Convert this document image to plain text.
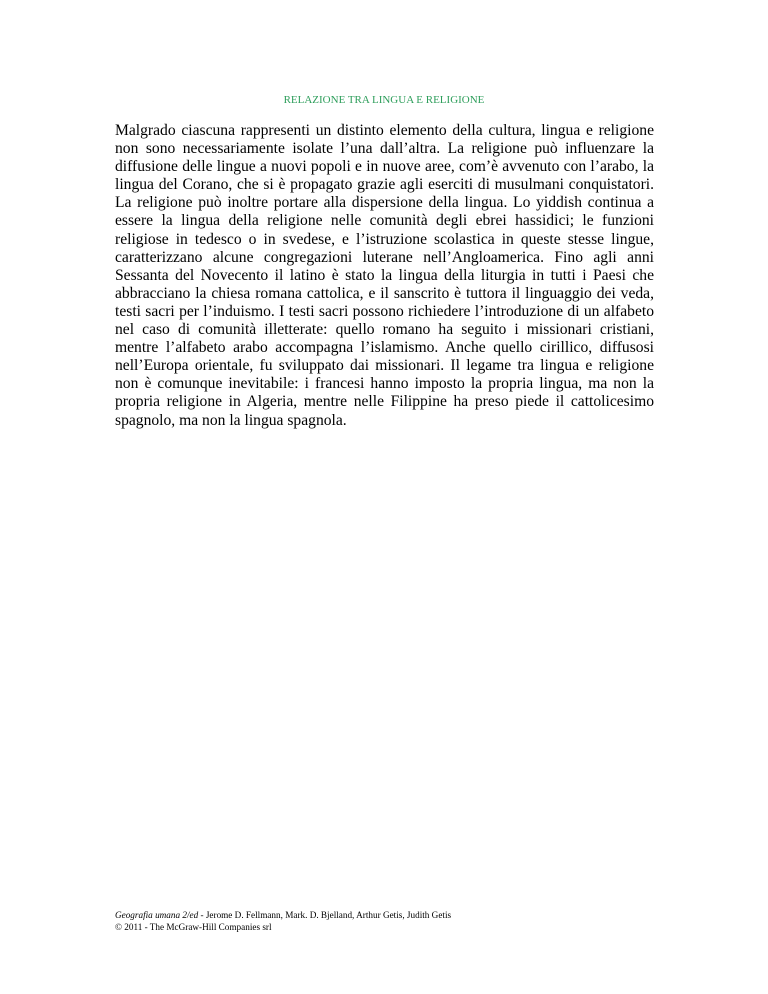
RELAZIONE TRA LINGUA E RELIGIONE

Malgrado ciascuna rappresenti un distinto elemento della cultura, lingua e religione non sono necessariamente isolate l’una dall’altra. La religione può influenzare la diffusione delle lingue a nuovi popoli e in nuove aree, com’è avvenuto con l’arabo, la lingua del Corano, che si è propagato grazie agli eserciti di musulmani conquistatori. La religione può inoltre portare alla dispersione della lingua. Lo yiddish continua a essere la lingua della religione nelle comunità degli ebrei hassidici; le funzioni religiose in tedesco o in svedese, e l’istruzione scolastica in queste stesse lingue, caratterizzano alcune congregazioni luterane nell’Angloamerica. Fino agli anni Sessanta del Novecento il latino è stato la lingua della liturgia in tutti i Paesi che abbracciano la chiesa romana cattolica, e il sanscrito è tuttora il linguaggio dei veda, testi sacri per l’induismo. I testi sacri possono richiedere l’introduzione di un alfabeto nel caso di comunità illetterate: quello romano ha seguito i missionari cristiani, mentre l’alfabeto arabo accompagna l’islamismo. Anche quello cirillico, diffusosi nell’Europa orientale, fu sviluppato dai missionari. Il legame tra lingua e religione non è comunque inevitabile: i francesi hanno imposto la propria lingua, ma non la propria religione in Algeria, mentre nelle Filippine ha preso piede il cattolicesimo spagnolo, ma non la lingua spagnola.

Geografia umana 2/ed - Jerome D. Fellmann, Mark. D. Bjelland, Arthur Getis, Judith Getis
© 2011 - The McGraw-Hill Companies srl
